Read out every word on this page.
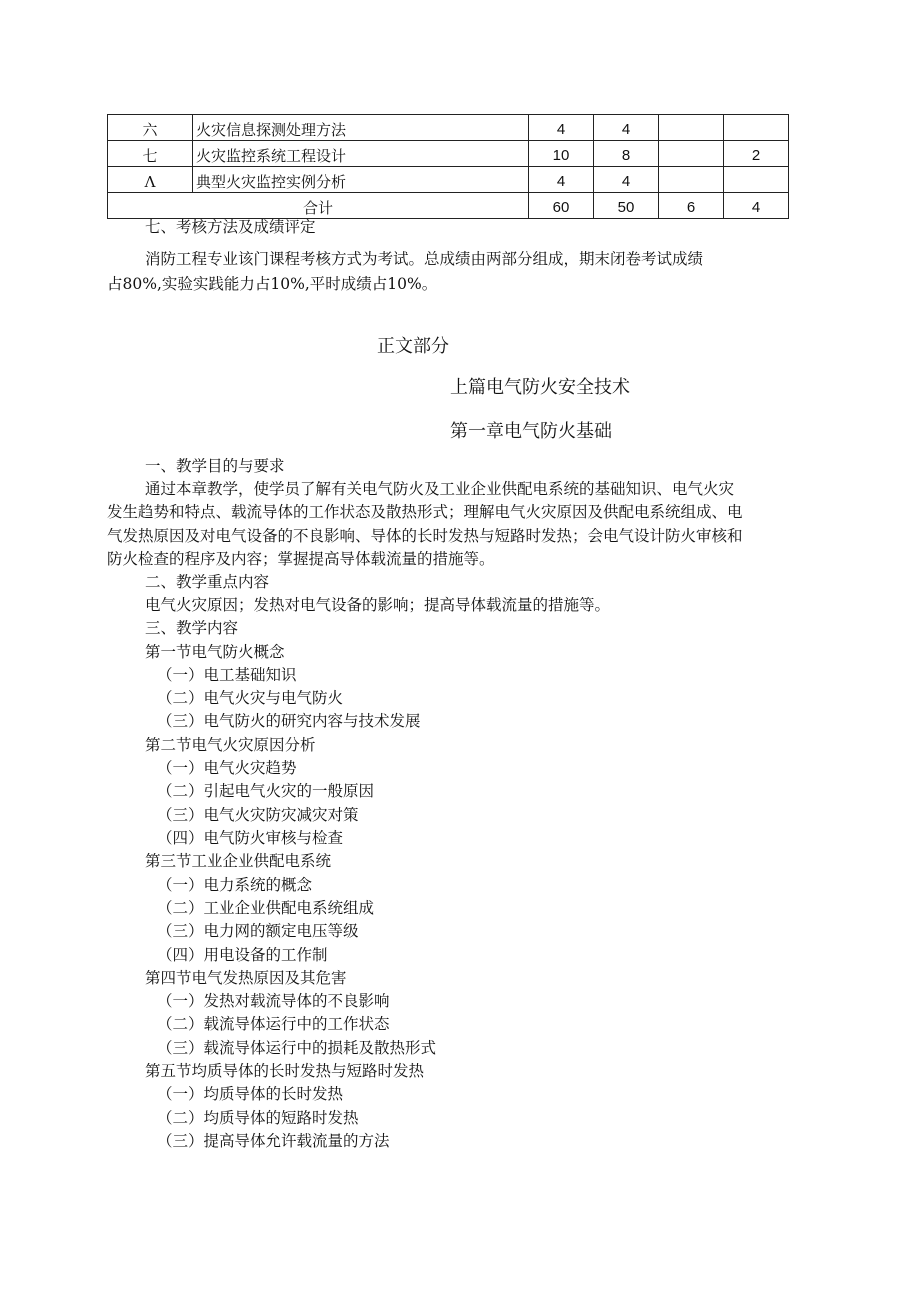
六	火灾信息探测处理方法	4	4		
七	火灾监控系统工程设计	10	8		2
Λ	典型火灾监控实例分析	4	4		
合计		60	50	6	4
七、考核方法及成绩评定
消防工程专业该门课程考核方式为考试。总成绩由两部分组成，期末闭卷考试成绩
占80%,实验实践能力占10%,平时成绩占10%。
正文部分
上篇电气防火安全技术
第一章电气防火基础
一、教学目的与要求
通过本章教学，使学员了解有关电气防火及工业企业供配电系统的基础知识、电气火灾
发生趋势和特点、载流导体的工作状态及散热形式；理解电气火灾原因及供配电系统组成、电
气发热原因及对电气设备的不良影响、导体的长时发热与短路时发热；会电气设计防火审核和
防火检查的程序及内容；掌握提高导体载流量的措施等。
二、教学重点内容
电气火灾原因；发热对电气设备的影响；提高导体载流量的措施等。
三、教学内容
第一节电气防火概念
（一）电工基础知识
（二）电气火灾与电气防火
（三）电气防火的研究内容与技术发展
第二节电气火灾原因分析
（一）电气火灾趋势
（二）引起电气火灾的一般原因
（三）电气火灾防灾减灾对策
（四）电气防火审核与检查
第三节工业企业供配电系统
（一）电力系统的概念
（二）工业企业供配电系统组成
（三）电力网的额定电压等级
（四）用电设备的工作制
第四节电气发热原因及其危害
（一）发热对载流导体的不良影响
（二）载流导体运行中的工作状态
（三）载流导体运行中的损耗及散热形式
第五节均质导体的长时发热与短路时发热
（一）均质导体的长时发热
（二）均质导体的短路时发热
（三）提高导体允许载流量的方法
